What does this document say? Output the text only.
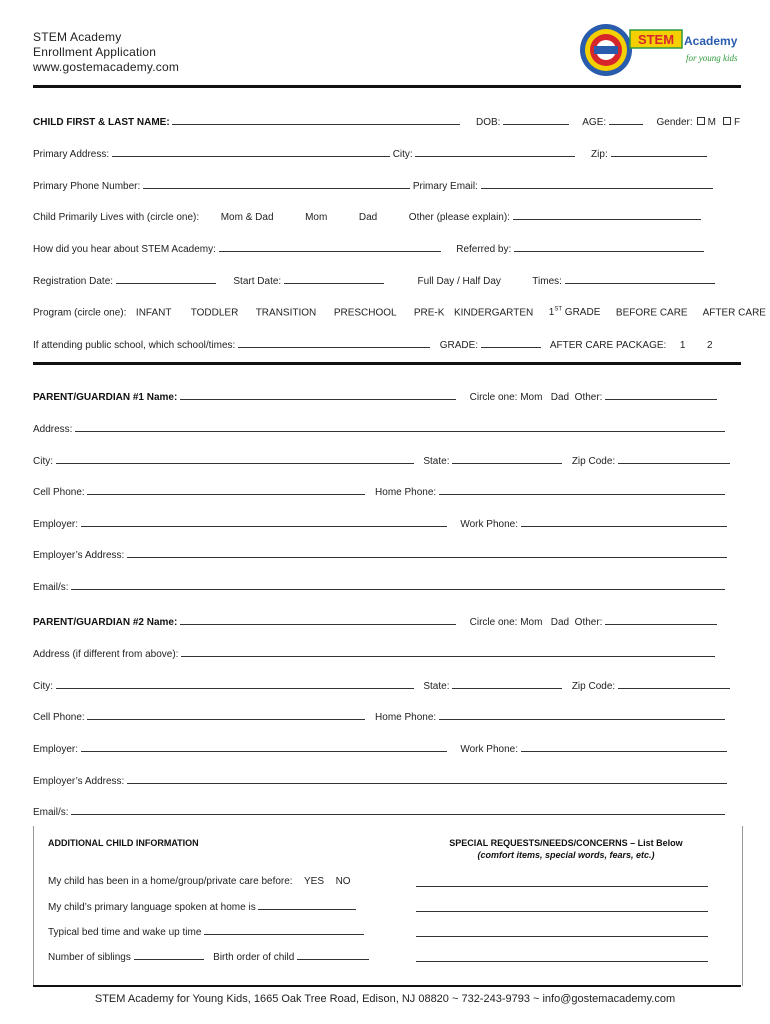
STEM Academy
Enrollment Application
www.gostemacademy.com
STEM Academy
for young kids
CHILD FIRST & LAST NAME:	DOB:	AGE:	Gender: M F
Primary Address:	City:	Zip:
Primary Phone Number:	Primary Email:
Child Primarily Lives with (circle one): Mom & Dad	Mom	Dad	Other (please explain):
How did you hear about STEM Academy:	Referred by:
Registration Date:	Start Date:	Full Day / Half Day	Times:
Program (circle one): INFANT TODDLER TRANSITION PRESCHOOL PRE-K KINDERGARTEN 1ST GRADE BEFORE CARE AFTER CARE
If attending public school, which school/times:	GRADE:	AFTER CARE PACKAGE: 1 2
PARENT/GUARDIAN #1 Name:	Circle one: Mom   Dad  Other:
Address:
City:	State:	Zip Code:
Cell Phone:	Home Phone:
Employer:	Work Phone:
Employer’s Address:
Email/s:
PARENT/GUARDIAN #2 Name:	Circle one: Mom   Dad  Other:
Address (if different from above):
City:	State:	Zip Code:
Cell Phone:	Home Phone:
Employer:	Work Phone:
Employer’s Address:
Email/s:
ADDITIONAL CHILD INFORMATION	SPECIAL REQUESTS/NEEDS/CONCERNS – List Below
(comfort items, special words, fears, etc.)
My child has been in a home/group/private care before: YES NO
My child’s primary language spoken at home is
Typical bed time and wake up time
Number of siblings	Birth order of child
STEM Academy for Young Kids, 1665 Oak Tree Road, Edison, NJ 08820 ~ 732-243-9793 ~ info@gostemacademy.com
